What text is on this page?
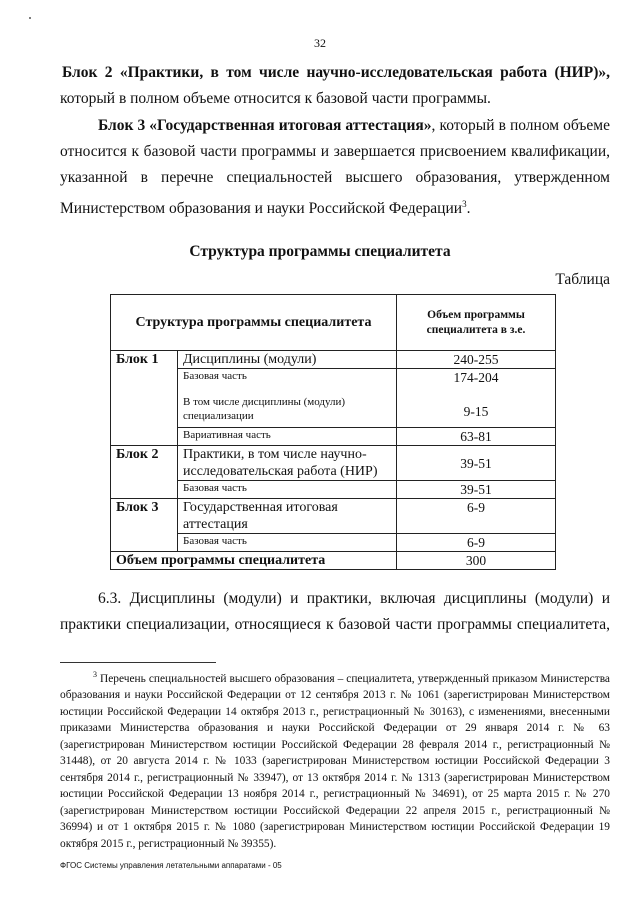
32
Блок 2 «Практики, в том числе научно-исследовательская работа (НИР)»,
который в полном объеме относится к базовой части программы.
Блок 3 «Государственная итоговая аттестация», который в полном объеме
относится к базовой части программы и завершается присвоением квалификации,
указанной в перечне специальностей высшего образования, утвержденном
Министерством образования и науки Российской Федерации$^3$.
Структура программы специалитета
Таблица
Структура программы специалитета		Объем программы специалитета в з.е.
Блок 1	Дисциплины (модули)	240-255
	Базовая часть	174-204
	В том числе дисциплины (модули) специализации	9-15
	Вариативная часть	63-81
Блок 2	Практики, в том числе научно-исследовательская работа (НИР)	39-51
	Базовая часть	39-51
Блок 3	Государственная итоговая аттестация	6-9
	Базовая часть	6-9
Объем программы специалитета		300
6.3. Дисциплины (модули) и практики, включая дисциплины (модули) и
практики специализации, относящиеся к базовой части программы специалитета,
$^3$ Перечень специальностей высшего образования – специалитета, утвержденный приказом Министерства образования и науки Российской Федерации от 12 сентября 2013 г. № 1061 (зарегистрирован Министерством юстиции Российской Федерации 14 октября 2013 г., регистрационный № 30163), с изменениями, внесенными приказами Министерства образования и науки Российской Федерации от 29 января 2014 г. № 63 (зарегистрирован Министерством юстиции Российской Федерации 28 февраля 2014 г., регистрационный № 31448), от 20 августа 2014 г. № 1033 (зарегистрирован Министерством юстиции Российской Федерации 3 сентября 2014 г., регистрационный № 33947), от 13 октября 2014 г. № 1313 (зарегистрирован Министерством юстиции Российской Федерации 13 ноября 2014 г., регистрационный № 34691), от 25 марта 2015 г. № 270 (зарегистрирован Министерством юстиции Российской Федерации 22 апреля 2015 г., регистрационный № 36994) и от 1 октября 2015 г. № 1080 (зарегистрирован Министерством юстиции Российской Федерации 19 октября 2015 г., регистрационный № 39355).
ФГОС Системы управления летательными аппаратами - 05
